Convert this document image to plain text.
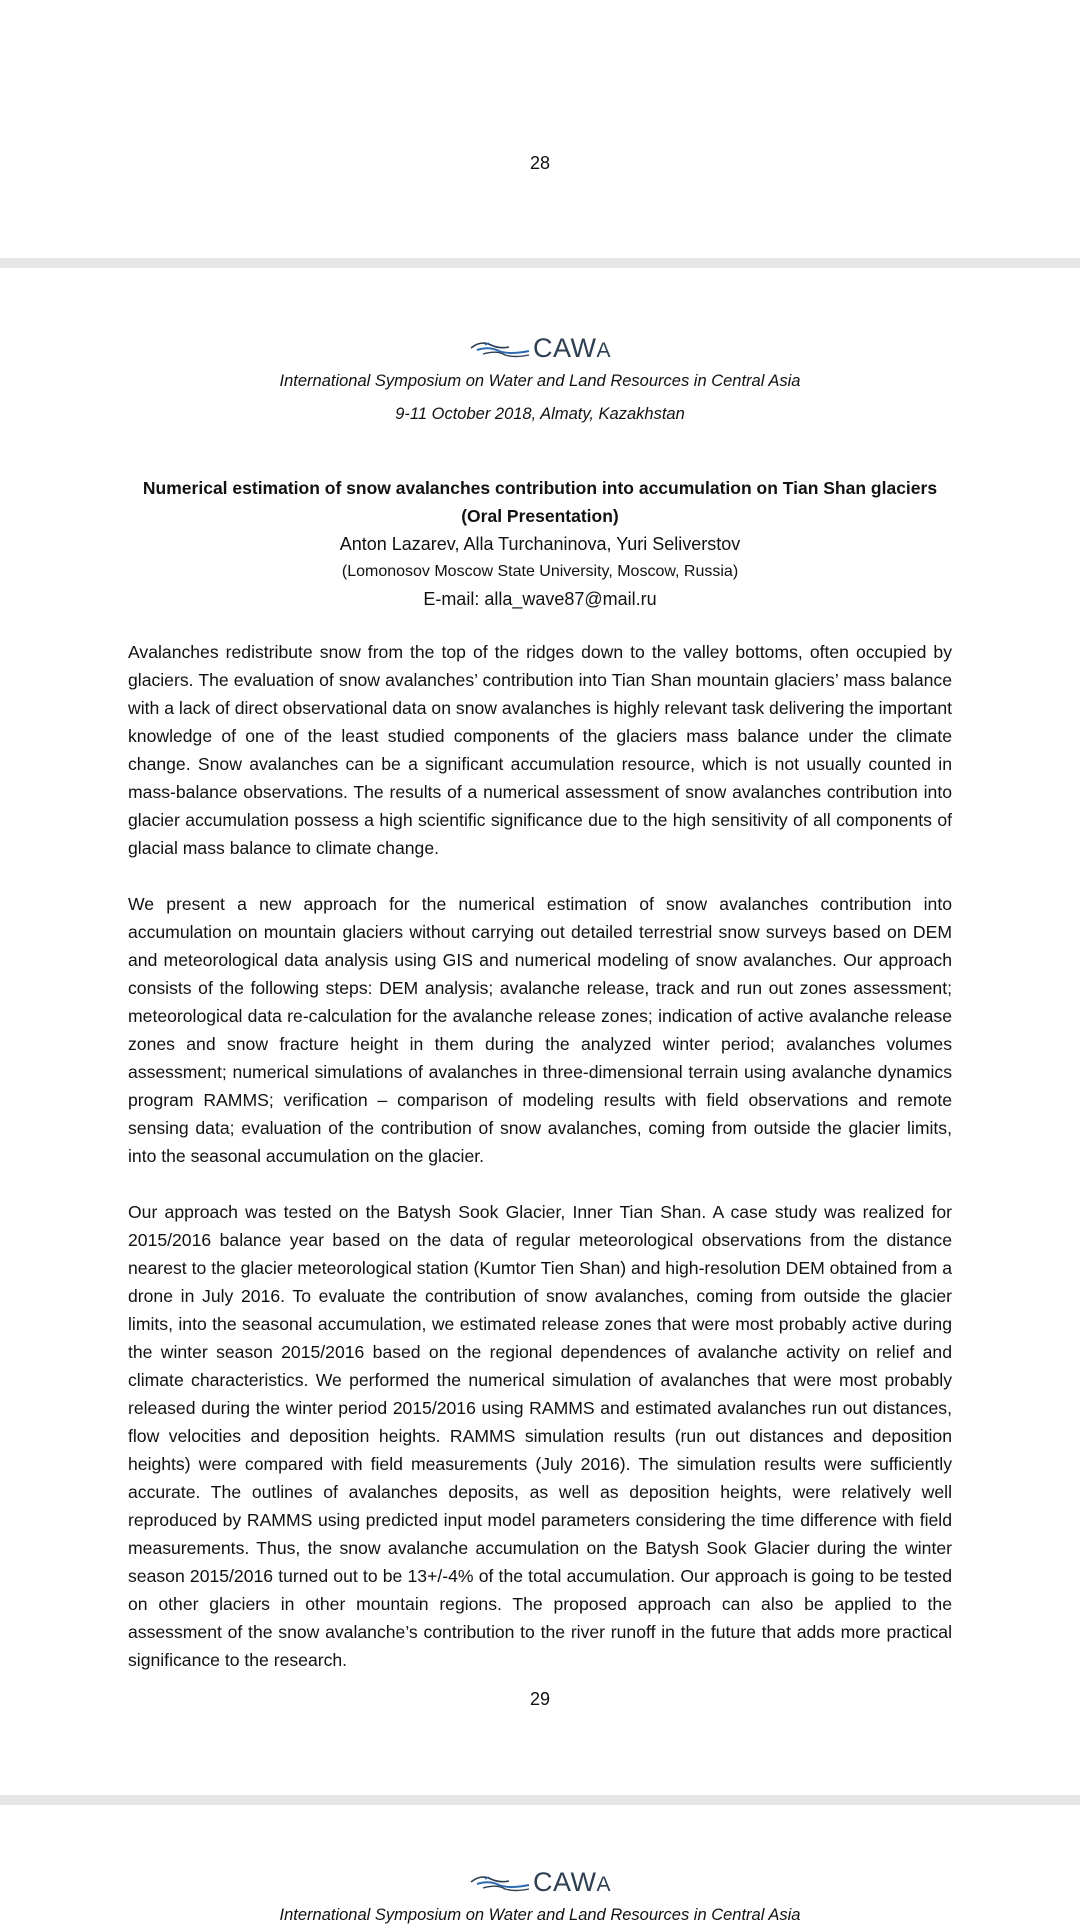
28
CAWA
International Symposium on Water and Land Resources in Central Asia
9-11 October 2018, Almaty, Kazakhstan
Numerical estimation of snow avalanches contribution into accumulation on Tian Shan glaciers
(Oral Presentation)
Anton Lazarev, Alla Turchaninova, Yuri Seliverstov
(Lomonosov Moscow State University, Moscow, Russia)
E-mail: alla_wave87@mail.ru

Avalanches redistribute snow from the top of the ridges down to the valley bottoms, often occupied by glaciers. The evaluation of snow avalanches’ contribution into Tian Shan mountain glaciers’ mass balance with a lack of direct observational data on snow avalanches is highly relevant task delivering the important knowledge of one of the least studied components of the glaciers mass balance under the climate change. Snow avalanches can be a significant accumulation resource, which is not usually counted in mass-balance observations. The results of a numerical assessment of snow avalanches contribution into glacier accumulation possess a high scientific significance due to the high sensitivity of all components of glacial mass balance to climate change.

We present a new approach for the numerical estimation of snow avalanches contribution into accumulation on mountain glaciers without carrying out detailed terrestrial snow surveys based on DEM and meteorological data analysis using GIS and numerical modeling of snow avalanches. Our approach consists of the following steps: DEM analysis; avalanche release, track and run out zones assessment; meteorological data re-calculation for the avalanche release zones; indication of active avalanche release zones and snow fracture height in them during the analyzed winter period; avalanches volumes assessment; numerical simulations of avalanches in three-dimensional terrain using avalanche dynamics program RAMMS; verification – comparison of modeling results with field observations and remote sensing data; evaluation of the contribution of snow avalanches, coming from outside the glacier limits, into the seasonal accumulation on the glacier.

Our approach was tested on the Batysh Sook Glacier, Inner Tian Shan. A case study was realized for 2015/2016 balance year based on the data of regular meteorological observations from the distance nearest to the glacier meteorological station (Kumtor Tien Shan) and high-resolution DEM obtained from a drone in July 2016. To evaluate the contribution of snow avalanches, coming from outside the glacier limits, into the seasonal accumulation, we estimated release zones that were most probably active during the winter season 2015/2016 based on the regional dependences of avalanche activity on relief and climate characteristics. We performed the numerical simulation of avalanches that were most probably released during the winter period 2015/2016 using RAMMS and estimated avalanches run out distances, flow velocities and deposition heights. RAMMS simulation results (run out distances and deposition heights) were compared with field measurements (July 2016). The simulation results were sufficiently accurate. The outlines of avalanches deposits, as well as deposition heights, were relatively well reproduced by RAMMS using predicted input model parameters considering the time difference with field measurements. Thus, the snow avalanche accumulation on the Batysh Sook Glacier during the winter season 2015/2016 turned out to be 13+/-4% of the total accumulation. Our approach is going to be tested on other glaciers in other mountain regions. The proposed approach can also be applied to the assessment of the snow avalanche’s contribution to the river runoff in the future that adds more practical significance to the research.

29
CAWA
International Symposium on Water and Land Resources in Central Asia
